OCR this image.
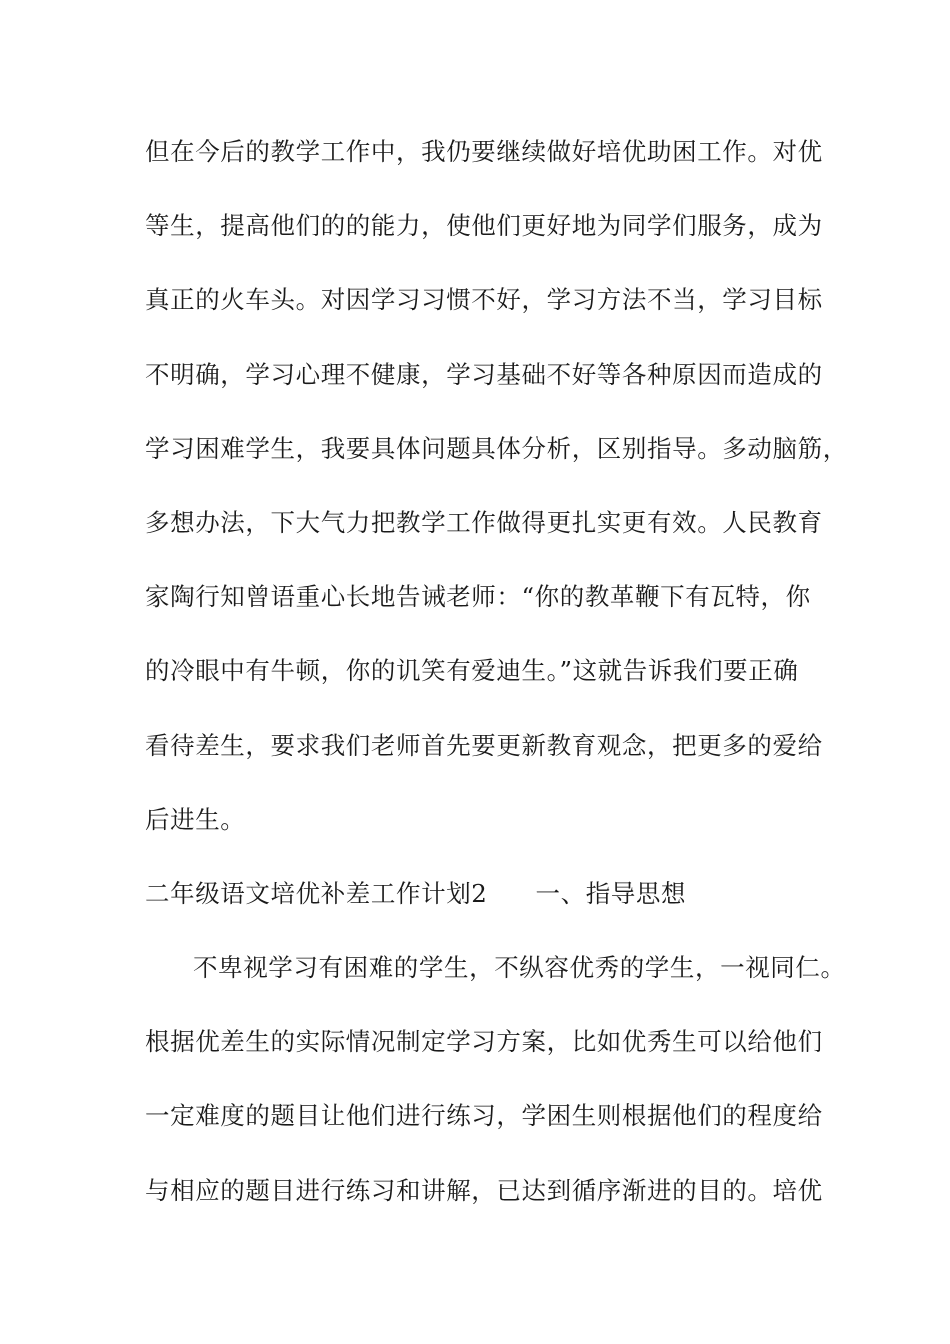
但在今后的教学工作中，我仍要继续做好培优助困工作。对优
等生，提高他们的的能力，使他们更好地为同学们服务，成为
真正的火车头。对因学习习惯不好，学习方法不当，学习目标
不明确，学习心理不健康，学习基础不好等各种原因而造成的
学习困难学生，我要具体问题具体分析，区别指导。多动脑筋，
多想办法，下大气力把教学工作做得更扎实更有效。人民教育
家陶行知曾语重心长地告诫老师：“你的教革鞭下有瓦特，你
的冷眼中有牛顿，你的讥笑有爱迪生。”这就告诉我们要正确
看待差生，要求我们老师首先要更新教育观念，把更多的爱给
后进生。
二年级语文培优补差工作计划2 一、指导思想
不卑视学习有困难的学生，不纵容优秀的学生，一视同仁。
根据优差生的实际情况制定学习方案，比如优秀生可以给他们
一定难度的题目让他们进行练习，学困生则根据他们的程度给
与相应的题目进行练习和讲解，已达到循序渐进的目的。培优
